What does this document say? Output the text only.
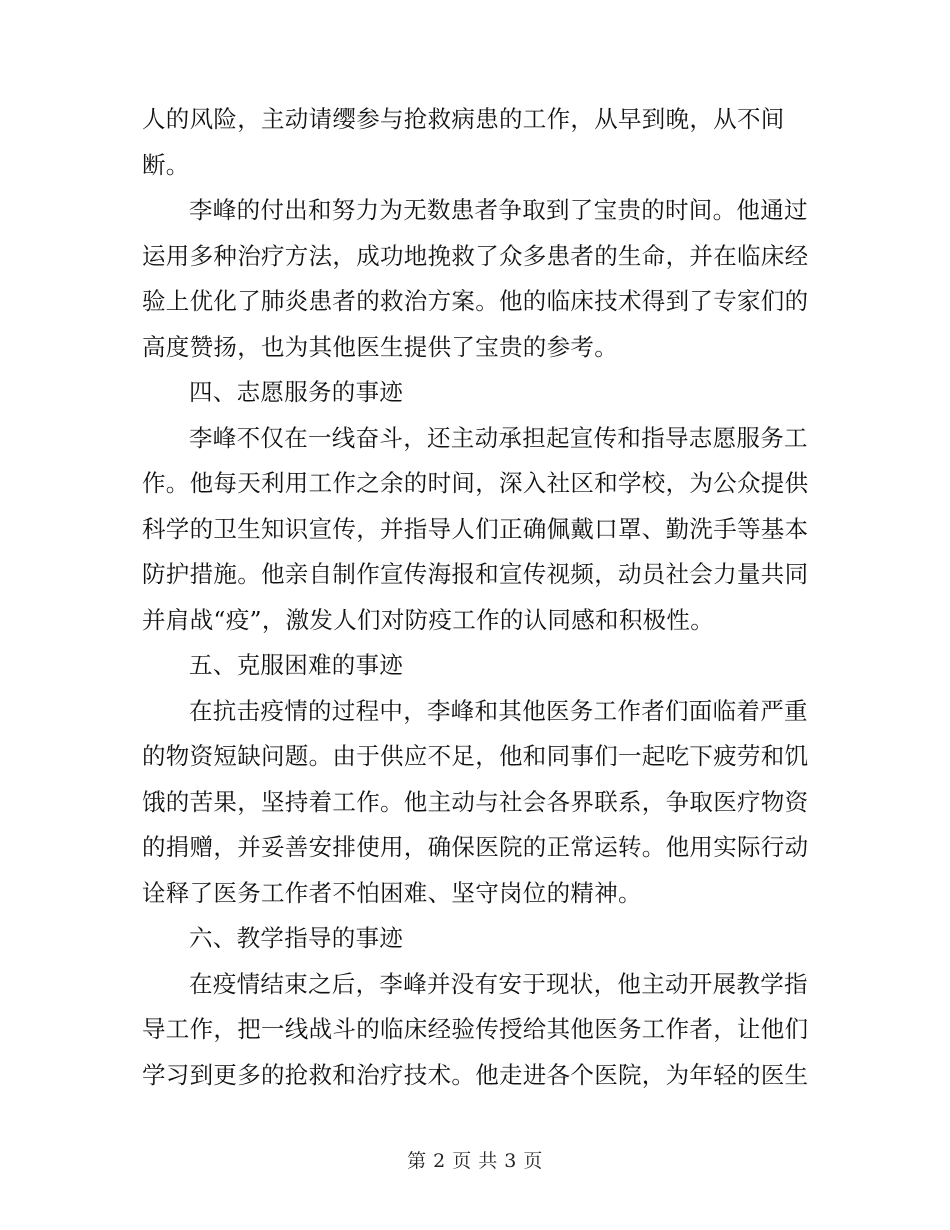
人的风险，主动请缨参与抢救病患的工作，从早到晚，从不间
断。
李峰的付出和努力为无数患者争取到了宝贵的时间。他通过
运用多种治疗方法，成功地挽救了众多患者的生命，并在临床经
验上优化了肺炎患者的救治方案。他的临床技术得到了专家们的
高度赞扬，也为其他医生提供了宝贵的参考。
四、志愿服务的事迹
李峰不仅在一线奋斗，还主动承担起宣传和指导志愿服务工
作。他每天利用工作之余的时间，深入社区和学校，为公众提供
科学的卫生知识宣传，并指导人们正确佩戴口罩、勤洗手等基本
防护措施。他亲自制作宣传海报和宣传视频，动员社会力量共同
并肩战“疫”，激发人们对防疫工作的认同感和积极性。
五、克服困难的事迹
在抗击疫情的过程中，李峰和其他医务工作者们面临着严重
的物资短缺问题。由于供应不足，他和同事们一起吃下疲劳和饥
饿的苦果，坚持着工作。他主动与社会各界联系，争取医疗物资
的捐赠，并妥善安排使用，确保医院的正常运转。他用实际行动
诠释了医务工作者不怕困难、坚守岗位的精神。
六、教学指导的事迹
在疫情结束之后，李峰并没有安于现状，他主动开展教学指
导工作，把一线战斗的临床经验传授给其他医务工作者，让他们
学习到更多的抢救和治疗技术。他走进各个医院，为年轻的医生
第 2 页 共 3 页
